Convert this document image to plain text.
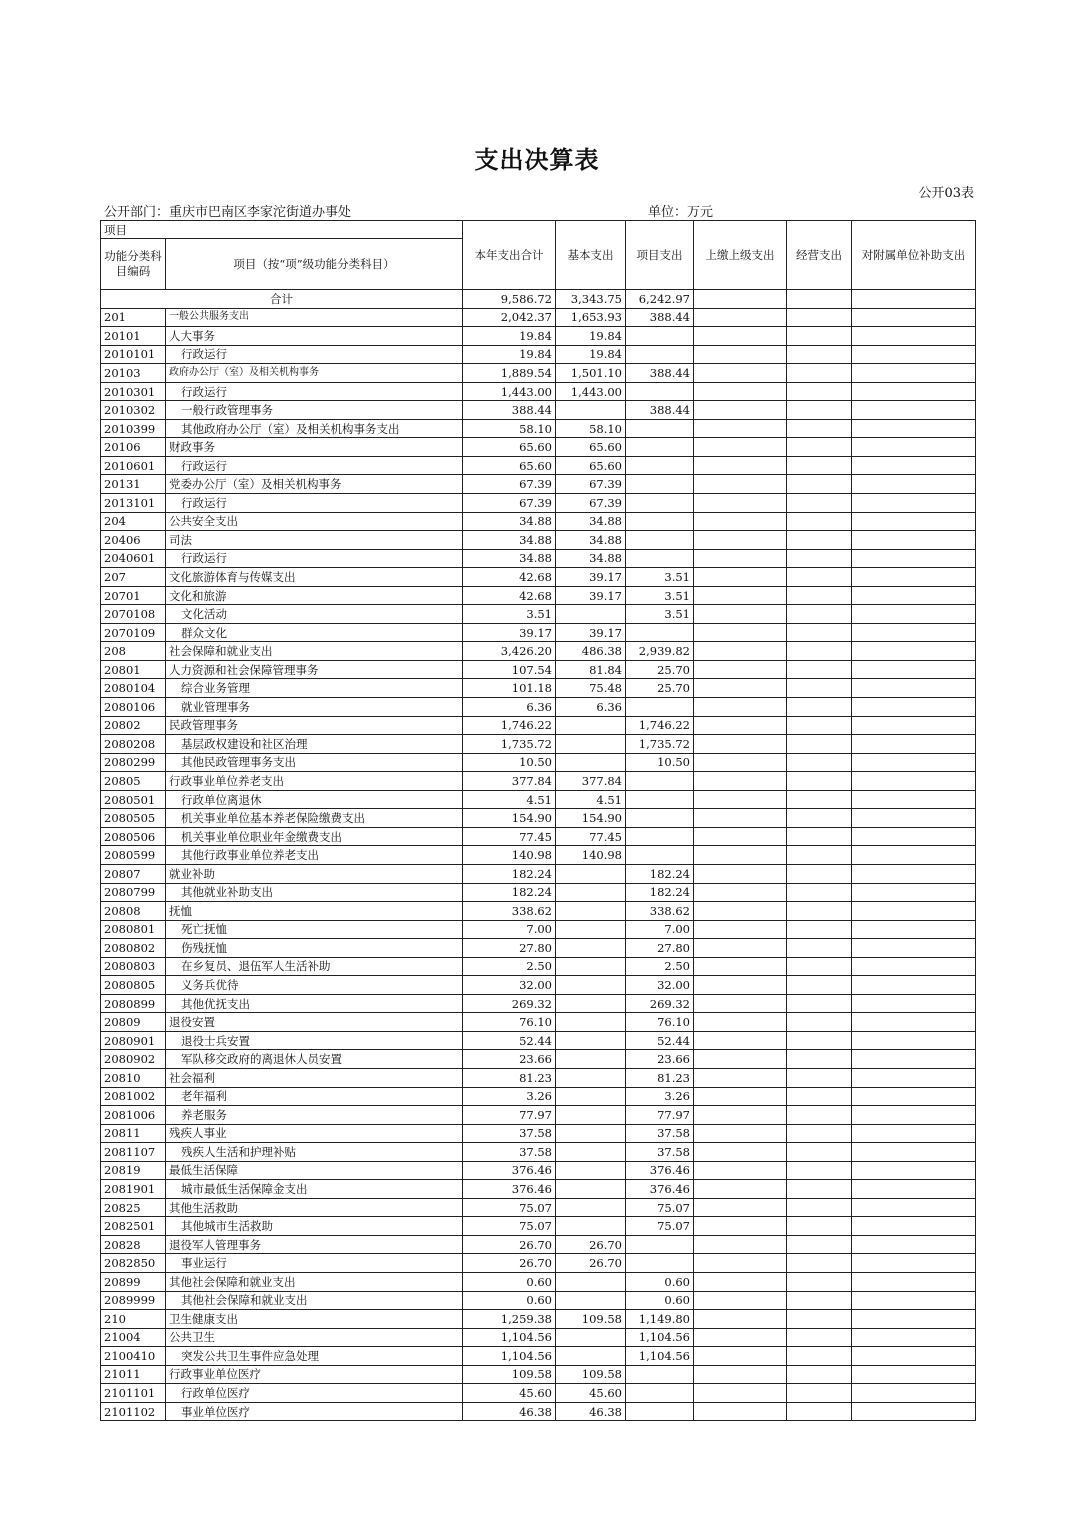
支出决算表
公开03表
公开部门：重庆市巴南区李家沱街道办事处	单位：万元
项目		本年支出合计	基本支出	项目支出	上缴上级支出	经营支出	对附属单位补助支出
功能分类科目编码	项目（按“项”级功能分类科目）						

合计		9,586.72	3,343.75	6,242.97			
201	一般公共服务支出	2,042.37	1,653.93	388.44			
20101	人大事务	19.84	19.84				
2010101	行政运行	19.84	19.84				
20103	政府办公厅（室）及相关机构事务	1,889.54	1,501.10	388.44			
2010301	行政运行	1,443.00	1,443.00				
2010302	一般行政管理事务	388.44		388.44			
2010399	其他政府办公厅（室）及相关机构事务支出	58.10	58.10				
20106	财政事务	65.60	65.60				
2010601	行政运行	65.60	65.60				
20131	党委办公厅（室）及相关机构事务	67.39	67.39				
2013101	行政运行	67.39	67.39				
204	公共安全支出	34.88	34.88				
20406	司法	34.88	34.88				
2040601	行政运行	34.88	34.88				
207	文化旅游体育与传媒支出	42.68	39.17	3.51			
20701	文化和旅游	42.68	39.17	3.51			
2070108	文化活动	3.51		3.51			
2070109	群众文化	39.17	39.17				
208	社会保障和就业支出	3,426.20	486.38	2,939.82			
20801	人力资源和社会保障管理事务	107.54	81.84	25.70			
2080104	综合业务管理	101.18	75.48	25.70			
2080106	就业管理事务	6.36	6.36				
20802	民政管理事务	1,746.22		1,746.22			
2080208	基层政权建设和社区治理	1,735.72		1,735.72			
2080299	其他民政管理事务支出	10.50		10.50			
20805	行政事业单位养老支出	377.84	377.84				
2080501	行政单位离退休	4.51	4.51				
2080505	机关事业单位基本养老保险缴费支出	154.90	154.90				
2080506	机关事业单位职业年金缴费支出	77.45	77.45				
2080599	其他行政事业单位养老支出	140.98	140.98				
20807	就业补助	182.24		182.24			
2080799	其他就业补助支出	182.24		182.24			
20808	抚恤	338.62		338.62			
2080801	死亡抚恤	7.00		7.00			
2080802	伤残抚恤	27.80		27.80			
2080803	在乡复员、退伍军人生活补助	2.50		2.50			
2080805	义务兵优待	32.00		32.00			
2080899	其他优抚支出	269.32		269.32			
20809	退役安置	76.10		76.10			
2080901	退役士兵安置	52.44		52.44			
2080902	军队移交政府的离退休人员安置	23.66		23.66			
20810	社会福利	81.23		81.23			
2081002	老年福利	3.26		3.26			
2081006	养老服务	77.97		77.97			
20811	残疾人事业	37.58		37.58			
2081107	残疾人生活和护理补贴	37.58		37.58			
20819	最低生活保障	376.46		376.46			
2081901	城市最低生活保障金支出	376.46		376.46			
20825	其他生活救助	75.07		75.07			
2082501	其他城市生活救助	75.07		75.07			
20828	退役军人管理事务	26.70	26.70				
2082850	事业运行	26.70	26.70				
20899	其他社会保障和就业支出	0.60		0.60			
2089999	其他社会保障和就业支出	0.60		0.60			
210	卫生健康支出	1,259.38	109.58	1,149.80			
21004	公共卫生	1,104.56		1,104.56			
2100410	突发公共卫生事件应急处理	1,104.56		1,104.56			
21011	行政事业单位医疗	109.58	109.58				
2101101	行政单位医疗	45.60	45.60				
2101102	事业单位医疗	46.38	46.38				
